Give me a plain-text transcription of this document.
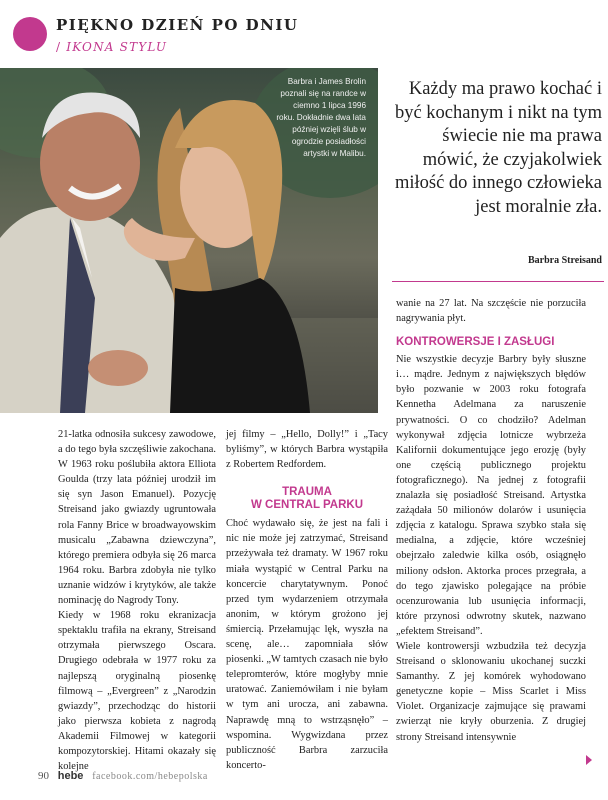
PIĘKNO DZIEŃ PO DNIU
/ IKONA STYLU
Barbra i James Brolin poznali się na randce w ciemno 1 lipca 1996 roku. Dokładnie dwa lata później wzięli ślub w ogrodzie posiadłości artystki w Malibu.
Każdy ma prawo kochać i być kochanym i nikt na tym świecie nie ma prawa mówić, że czyjakolwiek miłość do innego człowieka jest moralnie zła.
Barbra Streisand

21-latka odnosiła sukcesy zawodowe, a do tego była szczęśliwie zakochana. W 1963 roku poślubiła aktora Elliota Goulda (trzy lata później urodził im się syn Jason Emanuel). Pozycję Streisand jako gwiazdy ugruntowała rola Fanny Brice w broadwayowskim musicalu „Zabawna dziewczyna”, którego premiera odbyła się 26 marca 1964 roku. Barbra zdobyła nie tylko uznanie widzów i krytyków, ale także nominację do Nagrody Tony.

Kiedy w 1968 roku ekranizacja spektaklu trafiła na ekrany, Streisand otrzymała pierwszego Oscara. Drugiego odebrała w 1977 roku za najlepszą oryginalną piosenkę filmową – „Evergreen” z „Narodzin gwiazdy”, przechodząc do historii jako pierwsza kobieta z nagrodą Akademii Filmowej w kategorii kompozytorskiej. Hitami okazały się kolejne

jej filmy – „Hello, Dolly!” i „Tacy byliśmy”, w których Barbra wystąpiła z Robertem Redfordem.

TRAUMA

W CENTRAL PARKU

Choć wydawało się, że jest na fali i nic nie może jej zatrzymać, Streisand przeżywała też dramaty. W 1967 roku miała wystąpić w Central Parku na koncercie charytatywnym. Ponoć przed tym wydarzeniem otrzymała anonim, w którym grożono jej śmiercią. Przełamując lęk, wyszła na scenę, ale… zapomniała słów piosenki. „W tamtych czasach nie było telepromterów, które mogłyby mnie uratować. Zaniemówiłam i nie byłam w tym ani urocza, ani zabawna. Naprawdę mną to wstrząsnęło” – wspomina. Wygwizdana przez publiczność Barbra zarzuciła koncerto-

wanie na 27 lat. Na szczęście nie porzuciła nagrywania płyt.

KONTROWERSJE I ZASŁUGI

Nie wszystkie decyzje Barbry były słuszne i… mądre. Jednym z największych błędów było pozwanie w 2003 roku fotografa Kennetha Adelmana za naruszenie prywatności. O co chodziło? Adelman wykonywał zdjęcia lotnicze wybrzeża Kalifornii dokumentujące jego erozję (były one częścią publicznego projektu fotograficznego). Na jednej z fotografii znalazła się posiadłość Streisand. Artystka zażądała 50 milionów dolarów i usunięcia zdjęcia z katalogu. Sprawa szybko stała się medialna, a zdjęcie, które wcześniej obejrzało zaledwie kilka osób, osiągnęło miliony odsłon. Aktorka proces przegrała, a do tego zjawisko polegające na próbie ocenzurowania lub usunięcia informacji, które przynosi odwrotny skutek, nazwano „efektem Streisand”.

Wiele kontrowersji wzbudziła też decyzja Streisand o sklonowaniu ukochanej suczki Samanthy. Z jej komórek wyhodowano genetyczne kopie – Miss Scarlet i Miss Violet. Organizacje zajmujące się prawami zwierząt nie kryły oburzenia. Z drugiej strony Streisand intensywnie

90 hebe facebook.com/hebepolska
